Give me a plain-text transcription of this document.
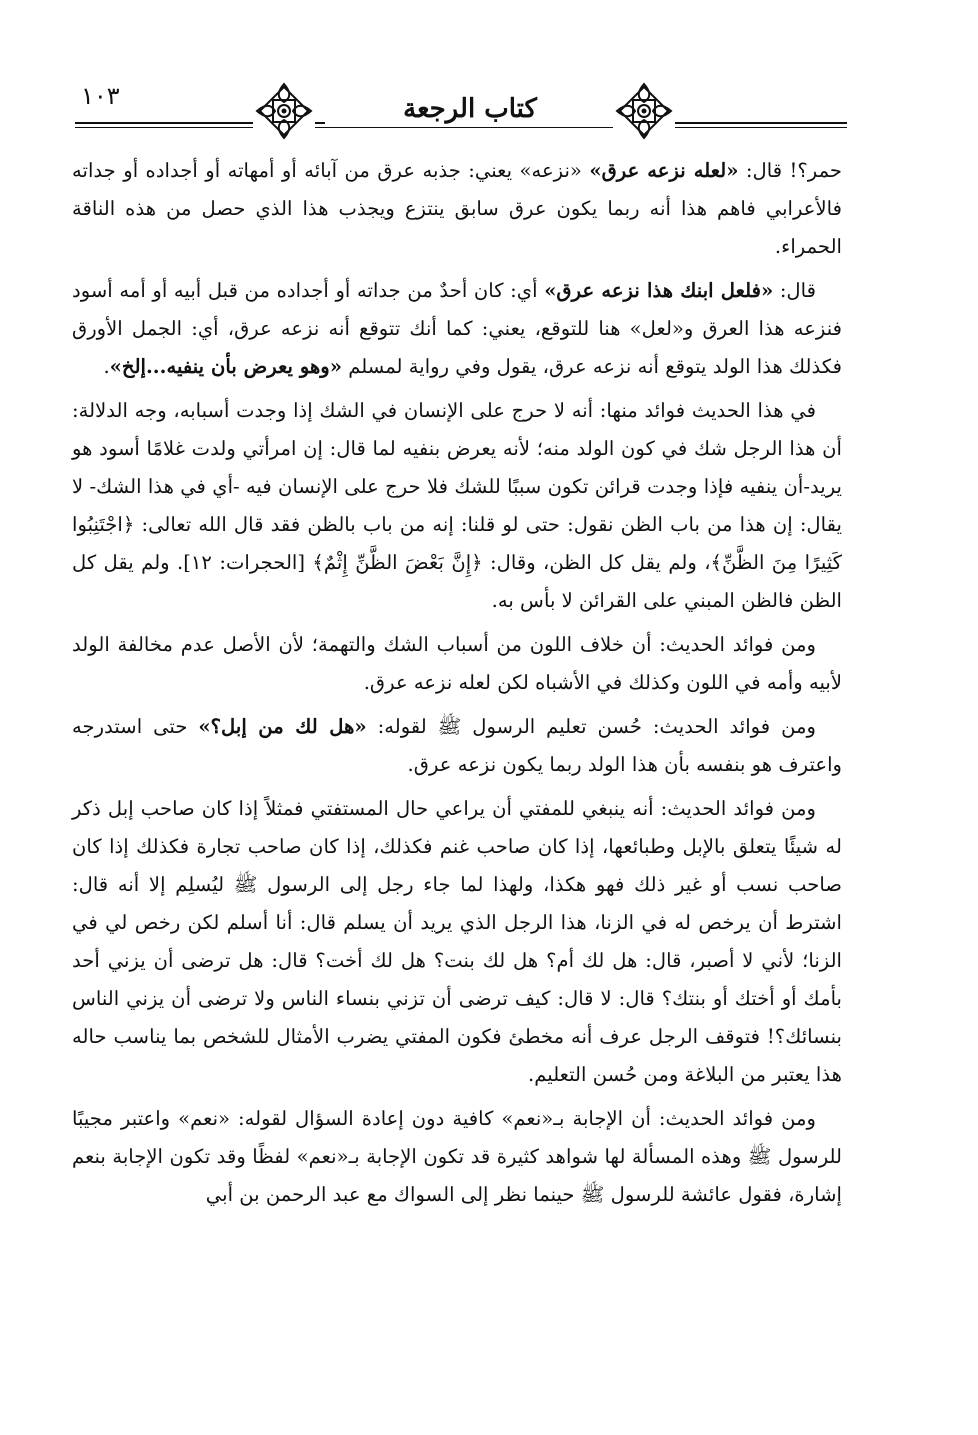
١٠٣	كتاب الرجعة

حمر؟! قال: «لعله نزعه عرق» «نزعه» يعني: جذبه عرق من آبائه أو أمهاته أو أجداده أو جداته فالأعرابي فاهم هذا أنه ربما يكون عرق سابق ينتزع ويجذب هذا الذي حصل من هذه الناقة الحمراء.

قال: «فلعل ابنك هذا نزعه عرق» أي: كان أحدٌ من جداته أو أجداده من قبل أبيه أو أمه أسود فنزعه هذا العرق و«لعل» هنا للتوقع، يعني: كما أنك تتوقع أنه نزعه عرق، أي: الجمل الأورق فكذلك هذا الولد يتوقع أنه نزعه عرق، يقول وفي رواية لمسلم «وهو يعرض بأن ينفيه...إلخ».

في هذا الحديث فوائد منها: أنه لا حرج على الإنسان في الشك إذا وجدت أسبابه، وجه الدلالة: أن هذا الرجل شك في كون الولد منه؛ لأنه يعرض بنفيه لما قال: إن امرأتي ولدت غلامًا أسود هو يريد-أن ينفيه فإذا وجدت قرائن تكون سببًا للشك فلا حرج على الإنسان فيه -أي في هذا الشك- لا يقال: إن هذا من باب الظن نقول: حتى لو قلنا: إنه من باب بالظن فقد قال الله تعالى: ﴿اجْتَنِبُوا كَثِيرًا مِنَ الظَّنِّ﴾، ولم يقل كل الظن، وقال: ﴿إِنَّ بَعْضَ الظَّنِّ إِثْمٌ﴾ [الحجرات: ١٢]. ولم يقل كل الظن فالظن المبني على القرائن لا بأس به.

ومن فوائد الحديث: أن خلاف اللون من أسباب الشك والتهمة؛ لأن الأصل عدم مخالفة الولد لأبيه وأمه في اللون وكذلك في الأشباه لكن لعله نزعه عرق.

ومن فوائد الحديث: حُسن تعليم الرسول ﷺ لقوله: «هل لك من إبل؟» حتى استدرجه واعترف هو بنفسه بأن هذا الولد ربما يكون نزعه عرق.

ومن فوائد الحديث: أنه ينبغي للمفتي أن يراعي حال المستفتي فمثلاً إذا كان صاحب إبل ذكر له شيئًا يتعلق بالإبل وطبائعها، إذا كان صاحب غنم فكذلك، إذا كان صاحب تجارة فكذلك إذا كان صاحب نسب أو غير ذلك فهو هكذا، ولهذا لما جاء رجل إلى الرسول ﷺ ليُسلِم إلا أنه قال: اشترط أن يرخص له في الزنا، هذا الرجل الذي يريد أن يسلم قال: أنا أسلم لكن رخص لي في الزنا؛ لأني لا أصبر، قال: هل لك أم؟ هل لك بنت؟ هل لك أخت؟ قال: هل ترضى أن يزني أحد بأمك أو أختك أو بنتك؟ قال: لا قال: كيف ترضى أن تزني بنساء الناس ولا ترضى أن يزني الناس بنسائك؟! فتوقف الرجل عرف أنه مخطئ فكون المفتي يضرب الأمثال للشخص بما يناسب حاله هذا يعتبر من البلاغة ومن حُسن التعليم.

ومن فوائد الحديث: أن الإجابة بـ«نعم» كافية دون إعادة السؤال لقوله: «نعم» واعتبر مجيبًا للرسول ﷺ وهذه المسألة لها شواهد كثيرة قد تكون الإجابة بـ«نعم» لفظًا وقد تكون الإجابة بنعم إشارة، فقول عائشة للرسول ﷺ حينما نظر إلى السواك مع عبد الرحمن بن أبي
